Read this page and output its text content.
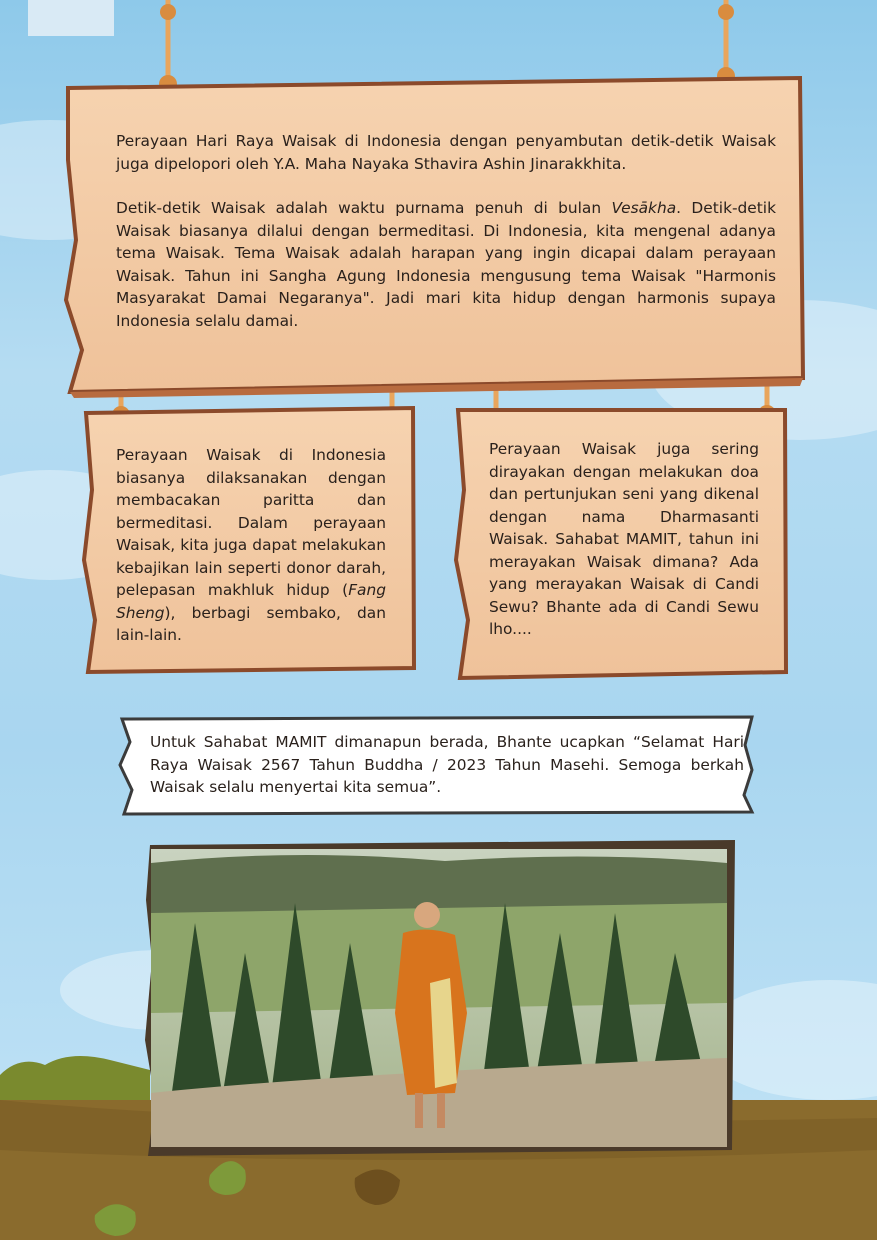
Perayaan Hari Raya Waisak di Indonesia dengan penyambutan detik-detik Waisak juga dipelopori oleh Y.A. Maha Nayaka Sthavira Ashin Jinarakkhita.

Detik-detik Waisak adalah waktu purnama penuh di bulan Vesākha. Detik-detik Waisak biasanya dilalui dengan bermeditasi. Di Indonesia, kita mengenal adanya tema Waisak. Tema Waisak adalah harapan yang ingin dicapai dalam perayaan Waisak. Tahun ini Sangha Agung Indonesia mengusung tema Waisak "Harmonis Masyarakat Damai Negaranya". Jadi mari kita hidup dengan harmonis supaya Indonesia selalu damai.

Perayaan Waisak di Indonesia biasanya dilaksanakan dengan membacakan paritta dan bermeditasi. Dalam perayaan Waisak, kita juga dapat melakukan kebajikan lain seperti donor darah, pelepasan makhluk hidup (Fang Sheng), berbagi sembako, dan lain-lain.

Perayaan Waisak juga sering dirayakan dengan melakukan doa dan pertunjukan seni yang dikenal dengan nama Dharmasanti Waisak. Sahabat MAMIT, tahun ini merayakan Waisak dimana? Ada yang merayakan Waisak di Candi Sewu? Bhante ada di Candi Sewu lho....

Untuk Sahabat MAMIT dimanapun berada, Bhante ucapkan “Selamat Hari Raya Waisak 2567 Tahun Buddha / 2023 Tahun Masehi. Semoga berkah Waisak selalu menyertai kita semua”.
